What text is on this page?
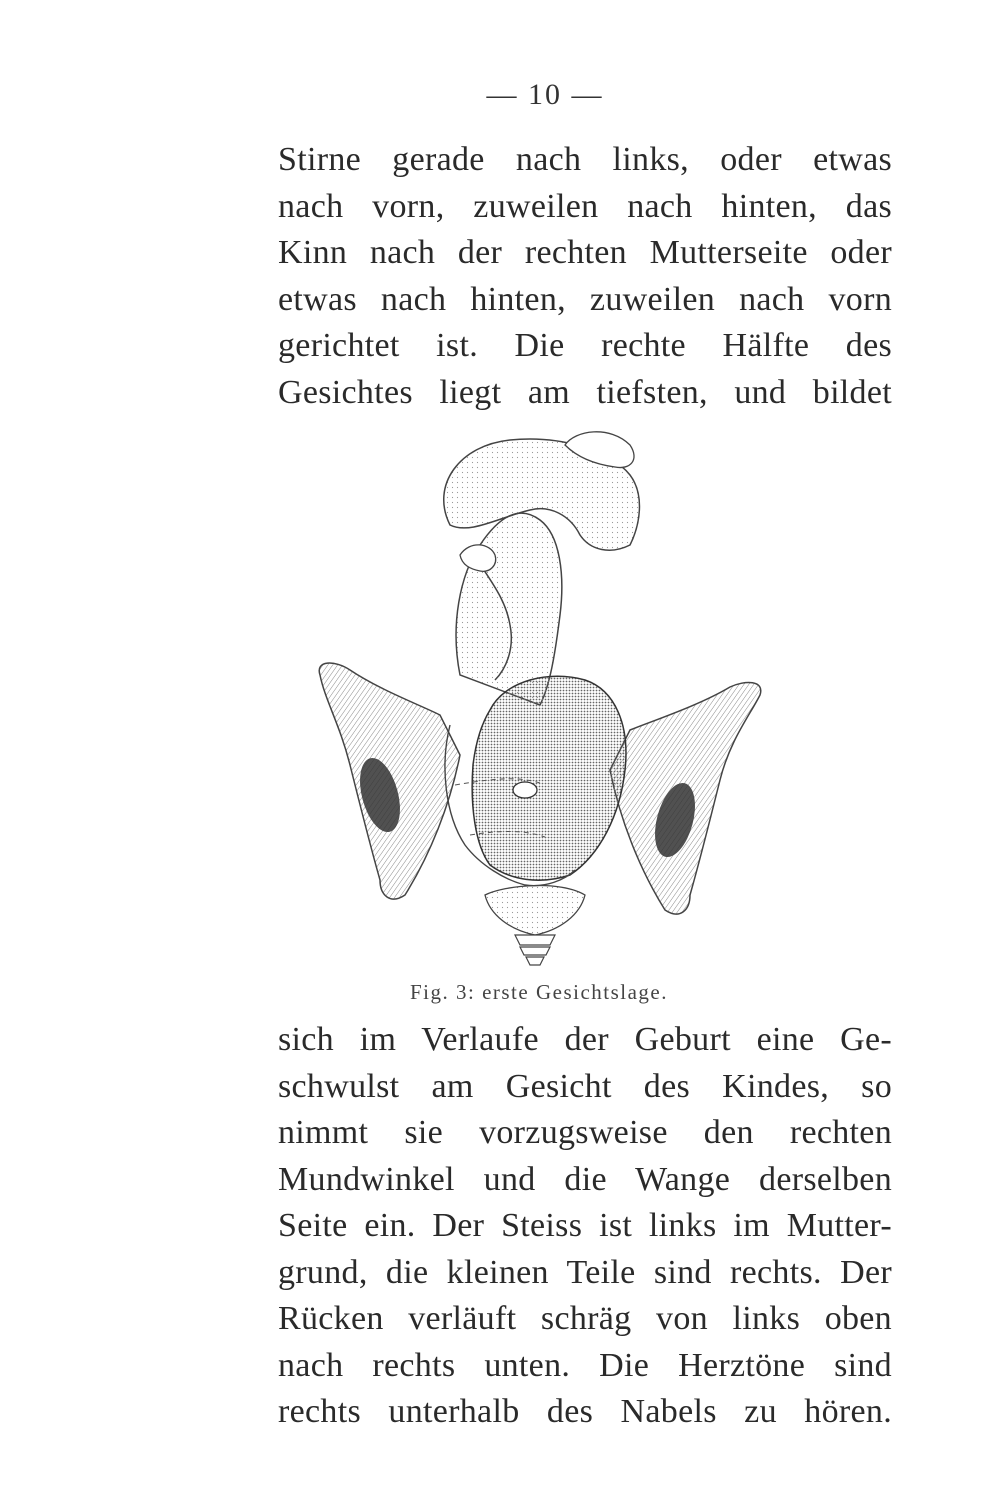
— 10 —
Stirne gerade nach links, oder etwas
nach vorn, zuweilen nach hinten, das
Kinn nach der rechten Mutterseite oder
etwas nach hinten, zuweilen nach vorn
gerichtet ist. Die rechte Hälfte des
Gesichtes liegt am tiefsten, und bildet
Fig. 3: erste Gesichtslage.
sich im Verlaufe der Geburt eine Ge-
schwulst am Gesicht des Kindes, so
nimmt sie vorzugsweise den rechten
Mundwinkel und die Wange derselben
Seite ein. Der Steiss ist links im Mutter-
grund, die kleinen Teile sind rechts. Der
Rücken verläuft schräg von links oben
nach rechts unten. Die Herztöne sind
rechts unterhalb des Nabels zu hören.
